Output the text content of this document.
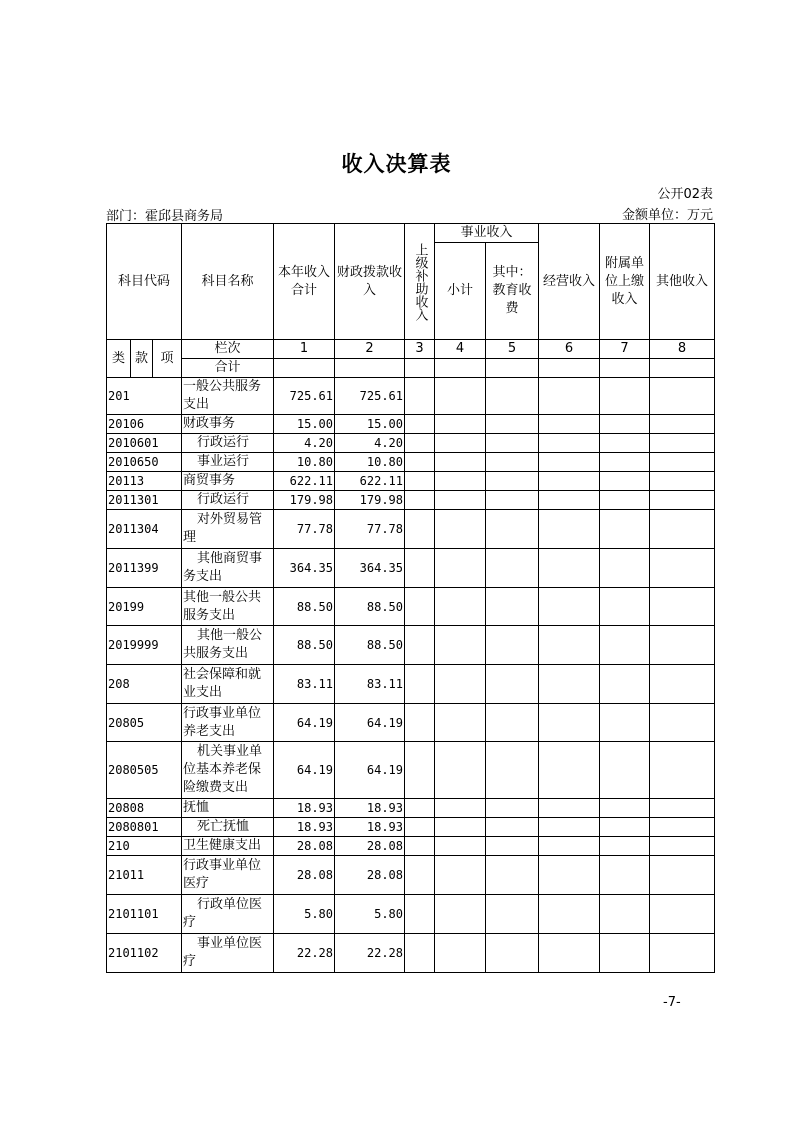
收入决算表
公开02表
部门：霍邱县商务局	金额单位：万元
科目代码			科目名称	本年收入合计	财政拨款收入	上级补助收入	事业收入		经营收入	附属单位上缴收入	其他收入
							小计	其中：教育收费			

类	款	项	栏次	1	2	3	4	5	6	7	8
			合计								
201			一般公共服务支出	725.61	725.61						
20106			财政事务	15.00	15.00						
2010601			行政运行	4.20	4.20						
2010650			事业运行	10.80	10.80						
20113			商贸事务	622.11	622.11						
2011301			行政运行	179.98	179.98						
2011304			对外贸易管理	77.78	77.78						
2011399			其他商贸事务支出	364.35	364.35						
20199			其他一般公共服务支出	88.50	88.50						
2019999			其他一般公共服务支出	88.50	88.50						
208			社会保障和就业支出	83.11	83.11						
20805			行政事业单位养老支出	64.19	64.19						
2080505			机关事业单位基本养老保险缴费支出	64.19	64.19						
20808			抚恤	18.93	18.93						
2080801			死亡抚恤	18.93	18.93						
210			卫生健康支出	28.08	28.08						
21011			行政事业单位医疗	28.08	28.08						
2101101			行政单位医疗	5.80	5.80						
2101102			事业单位医疗	22.28	22.28						
-7-
